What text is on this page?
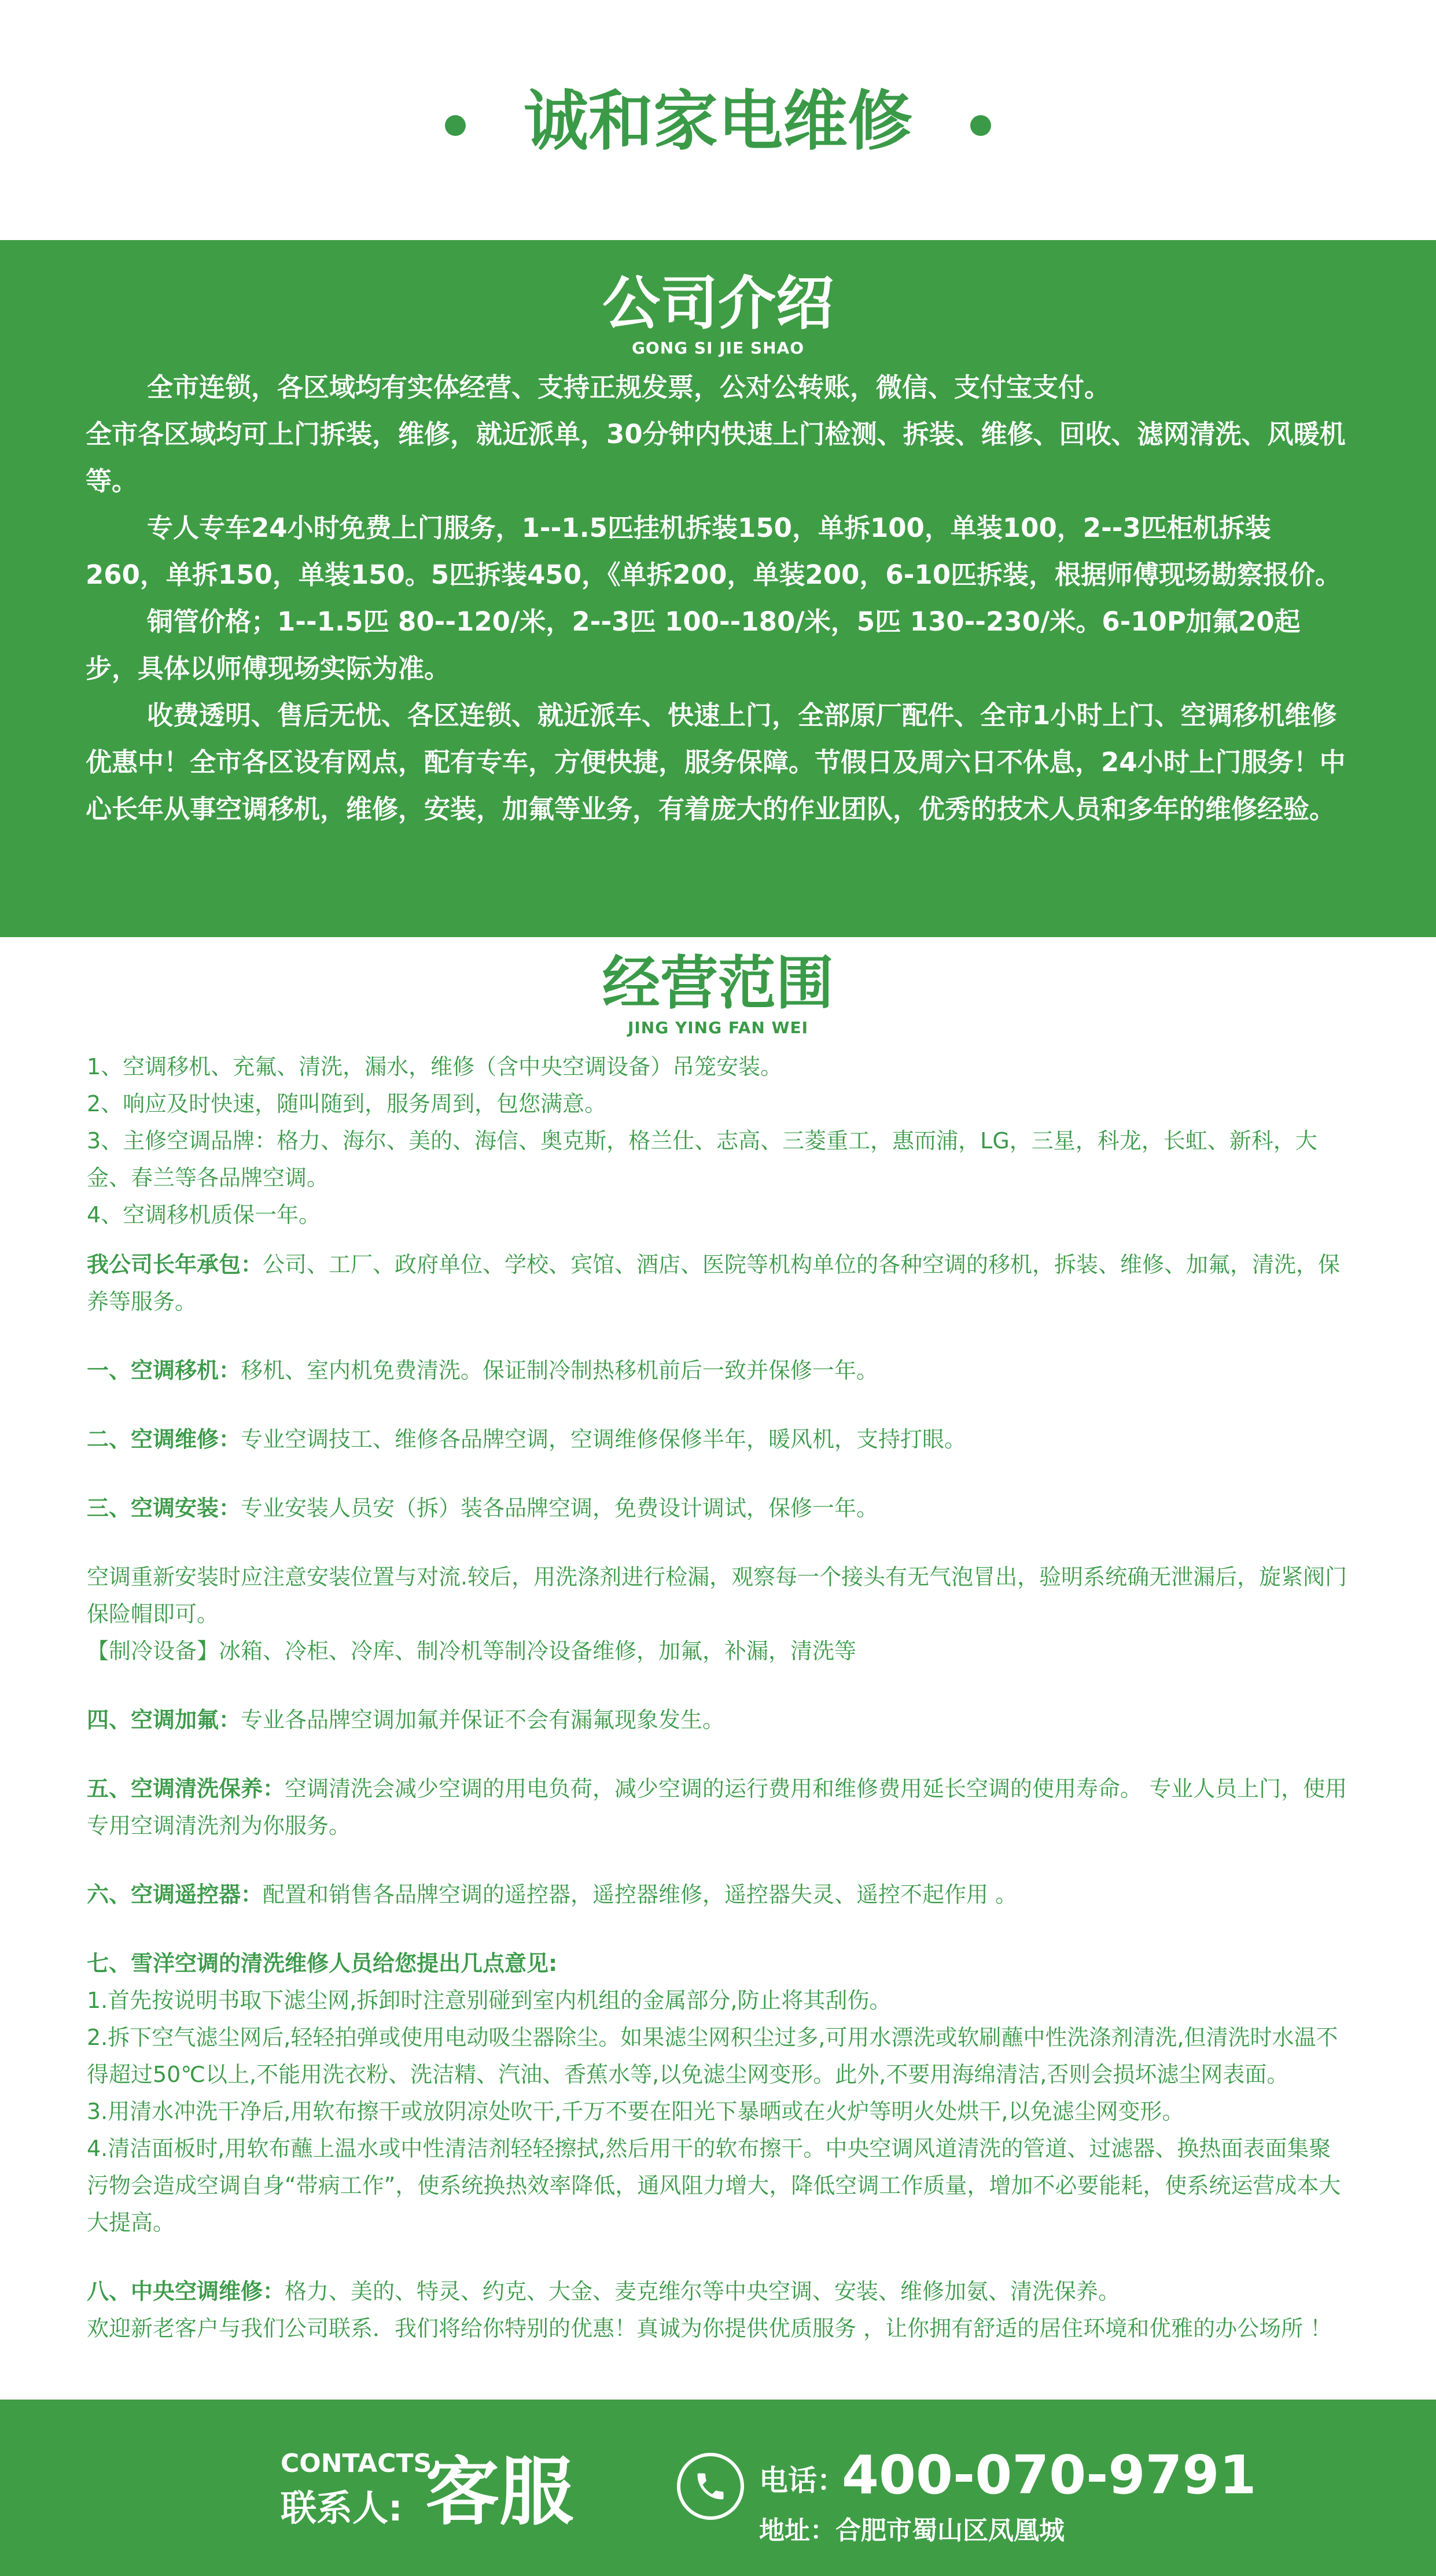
诚和家电维修
公司介绍
GONG SI JIE SHAO

全市连锁，各区域均有实体经营、支持正规发票，公对公转账，微信、支付宝支付。

全市各区域均可上门拆装，维修，就近派单，30分钟内快速上门检测、拆装、维修、回收、滤网清洗、风暖机等。

专人专车24小时免费上门服务，1--1.5匹挂机拆装150，单拆100，单装100，2--3匹柜机拆装260，单拆150，单装150。5匹拆装450，《单拆200，单装200，6-10匹拆装，根据师傅现场勘察报价。

铜管价格；1--1.5匹 80--120/米，2--3匹 100--180/米，5匹 130--230/米。6-10P加氟20起步，具体以师傅现场实际为准。

收费透明、售后无忧、各区连锁、就近派车、快速上门，全部原厂配件、全市1小时上门、空调移机维修优惠中！全市各区设有网点，配有专车，方便快捷，服务保障。节假日及周六日不休息，24小时上门服务！中心长年从事空调移机，维修，安装，加氟等业务，有着庞大的作业团队，优秀的技术人员和多年的维修经验。

经营范围
JING YING FAN WEI

1、空调移机、充氟、清洗，漏水，维修（含中央空调设备）吊笼安装。

2、响应及时快速，随叫随到，服务周到，包您满意。

3、主修空调品牌：格力、海尔、美的、海信、奥克斯，格兰仕、志高、三菱重工，惠而浦，LG，三星，科龙，长虹、新科，大金、春兰等各品牌空调。

4、空调移机质保一年。

我公司长年承包：公司、工厂、政府单位、学校、宾馆、酒店、医院等机构单位的各种空调的移机，拆装、维修、加氟，清洗，保养等服务。

一、空调移机：移机、室内机免费清洗。保证制冷制热移机前后一致并保修一年。

二、空调维修：专业空调技工、维修各品牌空调，空调维修保修半年，暖风机，支持打眼。

三、空调安装：专业安装人员安（拆）装各品牌空调，免费设计调试，保修一年。

空调重新安装时应注意安装位置与对流.较后，用洗涤剂进行检漏，观察每一个接头有无气泡冒出，验明系统确无泄漏后，旋紧阀门保险帽即可。

【制冷设备】冰箱、冷柜、冷库、制冷机等制冷设备维修，加氟，补漏，清洗等

四、空调加氟：专业各品牌空调加氟并保证不会有漏氟现象发生。

五、空调清洗保养：空调清洗会减少空调的用电负荷，减少空调的运行费用和维修费用延长空调的使用寿命。 专业人员上门，使用专用空调清洗剂为你服务。

六、空调遥控器：配置和销售各品牌空调的遥控器，遥控器维修，遥控器失灵、遥控不起作用 。

七、雪洋空调的清洗维修人员给您提出几点意见:

1.首先按说明书取下滤尘网,拆卸时注意别碰到室内机组的金属部分,防止将其刮伤。

2.拆下空气滤尘网后,轻轻拍弹或使用电动吸尘器除尘。如果滤尘网积尘过多,可用水漂洗或软刷蘸中性洗涤剂清洗,但清洗时水温不得超过50℃以上,不能用洗衣粉、洗洁精、汽油、香蕉水等,以免滤尘网变形。此外,不要用海绵清洁,否则会损坏滤尘网表面。

3.用清水冲洗干净后,用软布擦干或放阴凉处吹干,千万不要在阳光下暴晒或在火炉等明火处烘干,以免滤尘网变形。

4.清洁面板时,用软布蘸上温水或中性清洁剂轻轻擦拭,然后用干的软布擦干。中央空调风道清洗的管道、过滤器、换热面表面集聚污物会造成空调自身“带病工作”，使系统换热效率降低，通风阻力增大，降低空调工作质量，增加不必要能耗，使系统运营成本大大提高。

八、中央空调维修：格力、美的、特灵、约克、大金、麦克维尔等中央空调、安装、维修加氨、清洗保养。

欢迎新老客户与我们公司联系．我们将给你特别的优惠！真诚为你提供优质服务 ，让你拥有舒适的居住环境和优雅的办公场所 ！

CONTACTS
联系人: 客服	电话：
400-070-9791
地址：合肥市蜀山区凤凰城
